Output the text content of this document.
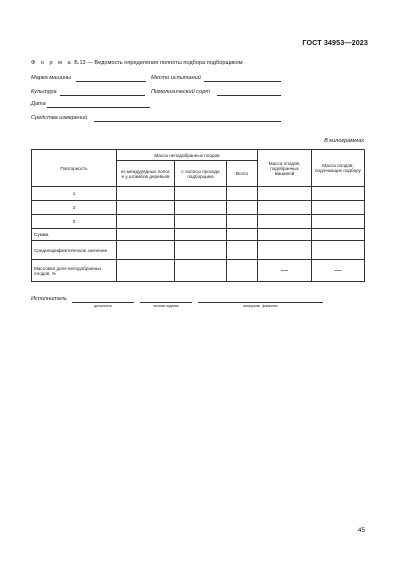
ГОСТ 34953—2023
Ф о р м а Б.13 — Ведомость определения полноты подбора подборщиком
Марка машины	Место испытаний
Культура	Помологический сорт
Дата
Средства измерений
В килограммах
Повторность	Масса неподобранных плодов			Масса плодов, подобранных машиной	Масса плодов, подлежащих подбору
	из междурядных полос и у штамбов деревьев	с полосы прохода подборщика	Всего		
1					
2					
3					
Сумма					
Среднеарифметическое значение					
Массовая доля неподобранных плодов, %				—	—
Исполнитель
должность	личная подпись	инициалы, фамилия
45
